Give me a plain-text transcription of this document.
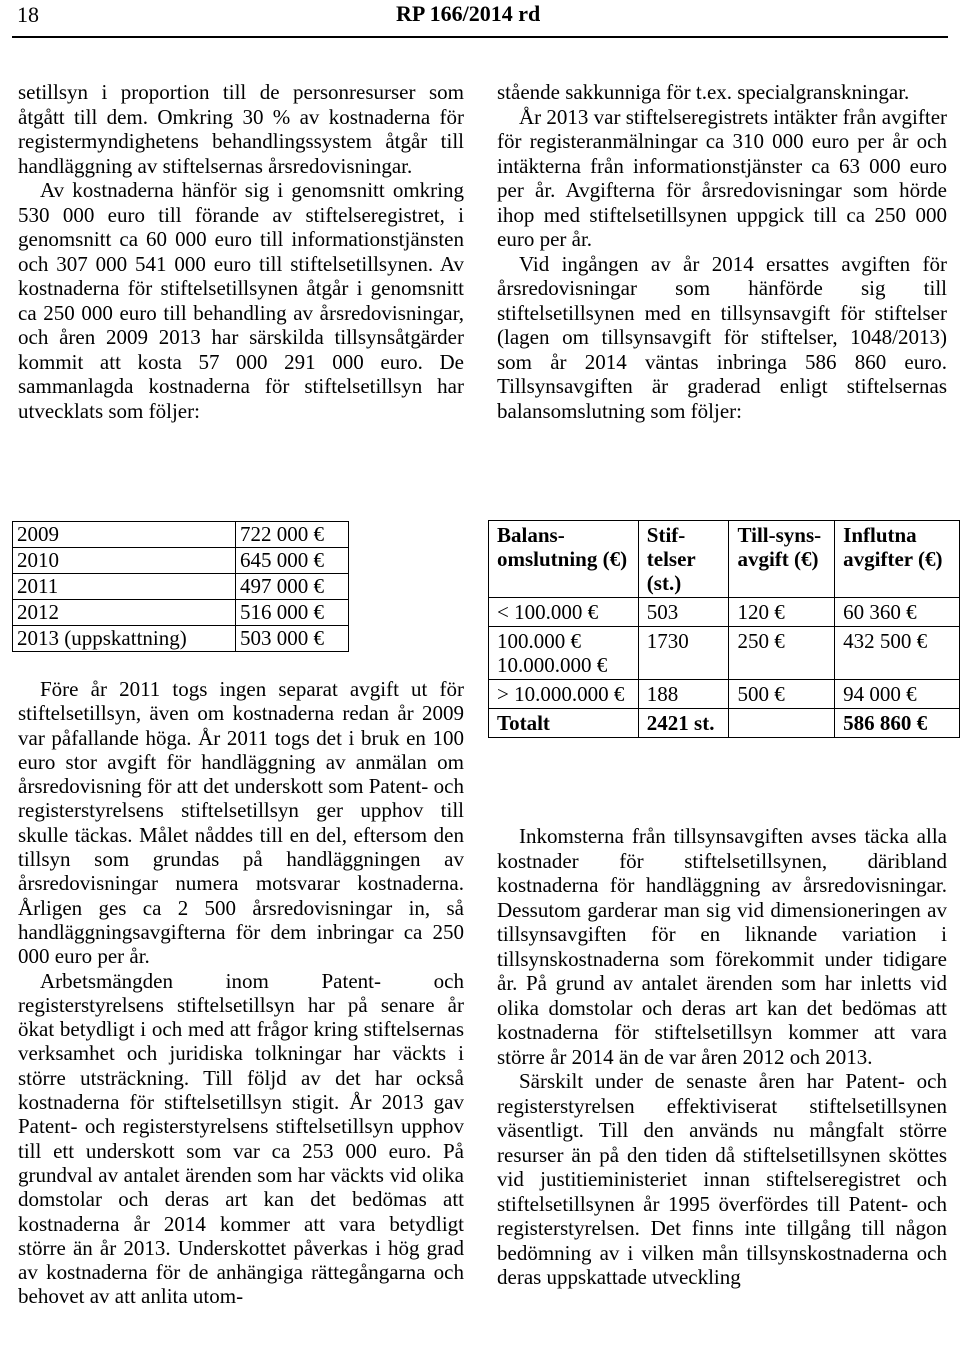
18	RP 166/2014 rd

setillsyn i proportion till de personresurser som åtgått till dem. Omkring 30 % av kostnaderna för registermyndighetens behandlingssystem åtgår till handläggning av stiftelsernas årsredovisningar.

Av kostnaderna hänför sig i genomsnitt omkring 530 000 euro till förande av stiftelseregistret, i genomsnitt ca 60 000 euro till informationstjänsten och 307 000 541 000 euro till stiftelsetillsynen. Av kostnaderna för stiftelsetillsynen åtgår i genomsnitt ca 250 000 euro till behandling av årsredovisningar, och åren 2009 2013 har särskilda tillsynsåtgärder kommit att kosta 57 000 291 000 euro. De sammanlagda kostnaderna för stiftelsetillsyn har utvecklats som följer:

2009	722 000 €
2010	645 000 €
2011	497 000 €
2012	516 000 €
2013 (uppskattning)	503 000 €

Före år 2011 togs ingen separat avgift ut för stiftelsetillsyn, även om kostnaderna redan år 2009 var påfallande höga. År 2011 togs det i bruk en 100 euro stor avgift för handläggning av anmälan om årsredovisning för att det underskott som Patent- och registerstyrelsens stiftelsetillsyn ger upphov till skulle täckas. Målet nåddes till en del, eftersom den tillsyn som grundas på handläggningen av årsredovisningar numera motsvarar kostnaderna. Årligen ges ca 2 500 årsredovisningar in, så handläggningsavgifterna för dem inbringar ca 250 000 euro per år.

Arbetsmängden inom Patent- och registerstyrelsens stiftelsetillsyn har på senare år ökat betydligt i och med att frågor kring stiftelsernas verksamhet och juridiska tolkningar har väckts i större utsträckning. Till följd av det har också kostnaderna för stiftelsetillsyn stigit. År 2013 gav Patent- och registerstyrelsens stiftelsetillsyn upphov till ett underskott som var ca 253 000 euro. På grundval av antalet ärenden som har väckts vid olika domstolar och deras art kan det bedömas att kostnaderna år 2014 kommer att vara betydligt större än år 2013. Underskottet påverkas i hög grad av kostnaderna för de anhängiga rättegångarna och behovet av att anlita utom-

stående sakkunniga för t.ex. specialgranskningar.

År 2013 var stiftelseregistrets intäkter från avgifter för registeranmälningar ca 310 000 euro per år och intäkterna från informationstjänster ca 63 000 euro per år. Avgifterna för årsredovisningar som hörde ihop med stiftelsetillsynen uppgick till ca 250 000 euro per år.

Vid ingången av år 2014 ersattes avgiften för årsredovisningar som hänförde sig till stiftelsetillsynen med en tillsynsavgift för stiftelser (lagen om tillsynsavgift för stiftelser, 1048/2013) som år 2014 väntas inbringa 586 860 euro. Tillsynsavgiften är graderad enligt stiftelsernas balansomslutning som följer:

Balans-omslutning (€)	Stif-telser (st.)	Till-syns-avgift (€)	Influtna avgifter (€)
< 100.000 €	503	120 €	60 360 €
100.000 € 10.000.000 €	1730	250 €	432 500 €
> 10.000.000 €	188	500 €	94 000 €
Totalt	2421 st.		586 860 €

Inkomsterna från tillsynsavgiften avses täcka alla kostnader för stiftelsetillsynen, däribland kostnaderna för handläggning av årsredovisningar. Dessutom garderar man sig vid dimensioneringen av tillsynsavgiften för en liknande variation i tillsynskostnaderna som förekommit under tidigare år. På grund av antalet ärenden som har inletts vid olika domstolar och deras art kan det bedömas att kostnaderna för stiftelsetillsyn kommer att vara större år 2014 än de var åren 2012 och 2013.

Särskilt under de senaste åren har Patent- och registerstyrelsen effektiviserat stiftelsetillsynen väsentligt. Till den används nu mångfalt större resurser än på den tiden då stiftelsetillsynen sköttes vid justitieministeriet innan stiftelseregistret och stiftelsetillsynen år 1995 överfördes till Patent- och registerstyrelsen. Det finns inte tillgång till någon bedömning av i vilken mån tillsynskostnaderna och deras uppskattade utveckling
